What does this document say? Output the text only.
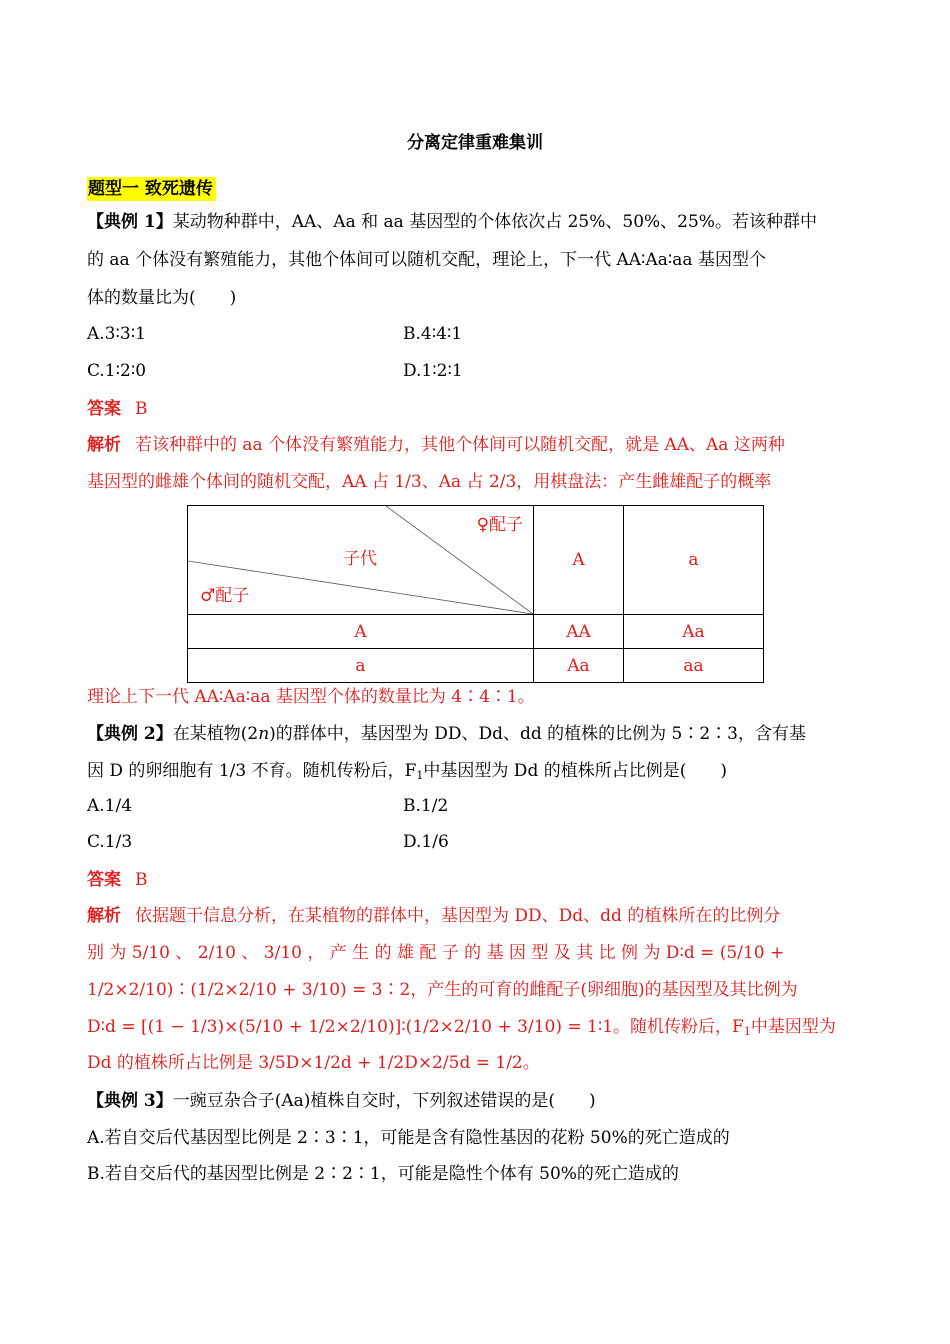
分离定律重难集训
题型一 致死遗传
【典例 1】某动物种群中，AA、Aa 和 aa 基因型的个体依次占 25%、50%、25%。若该种群中
的 aa 个体没有繁殖能力，其他个体间可以随机交配，理论上，下一代 AA∶Aa∶aa 基因型个
体的数量比为(　　)
A.3∶3∶1	B.4∶4∶1
C.1∶2∶0	D.1∶2∶1
答案 B
解析 若该种群中的 aa 个体没有繁殖能力，其他个体间可以随机交配，就是 AA、Aa 这两种
基因型的雌雄个体间的随机交配，AA 占 1/3、Aa 占 2/3，用棋盘法：产生雌雄配子的概率
♀配子
子代
♂配子	A	a
A	AA	Aa
a	Aa	aa
理论上下一代 AA∶Aa∶aa 基因型个体的数量比为 4∶4∶1。
【典例 2】在某植物(2n)的群体中，基因型为 DD、Dd、dd 的植株的比例为 5∶2∶3，含有基
因 D 的卵细胞有 1/3 不育。随机传粉后，$F_1$中基因型为 Dd 的植株所占比例是(　　)
A.1/4	B.1/2
C.1/3	D.1/6
答案 B
解析 依据题干信息分析，在某植物的群体中，基因型为 DD、Dd、dd 的植株所在的比例分
别 为 5/10 、 2/10 、 3/10 ， 产 生 的 雄 配 子 的 基 因 型 及 其 比 例 为 D∶d = (5/10 +
1/2×2/10)∶(1/2×2/10 + 3/10) = 3∶2，产生的可育的雌配子(卵细胞)的基因型及其比例为
D∶d = [(1 − 1/3)×(5/10 + 1/2×2/10)]∶(1/2×2/10 + 3/10) = 1∶1。随机传粉后，$F_1$中基因型为
Dd 的植株所占比例是 3/5D×1/2d + 1/2D×2/5d = 1/2。
【典例 3】一豌豆杂合子(Aa)植株自交时，下列叙述错误的是(　　)
A.若自交后代基因型比例是 2∶3∶1，可能是含有隐性基因的花粉 50%的死亡造成的
B.若自交后代的基因型比例是 2∶2∶1，可能是隐性个体有 50%的死亡造成的
